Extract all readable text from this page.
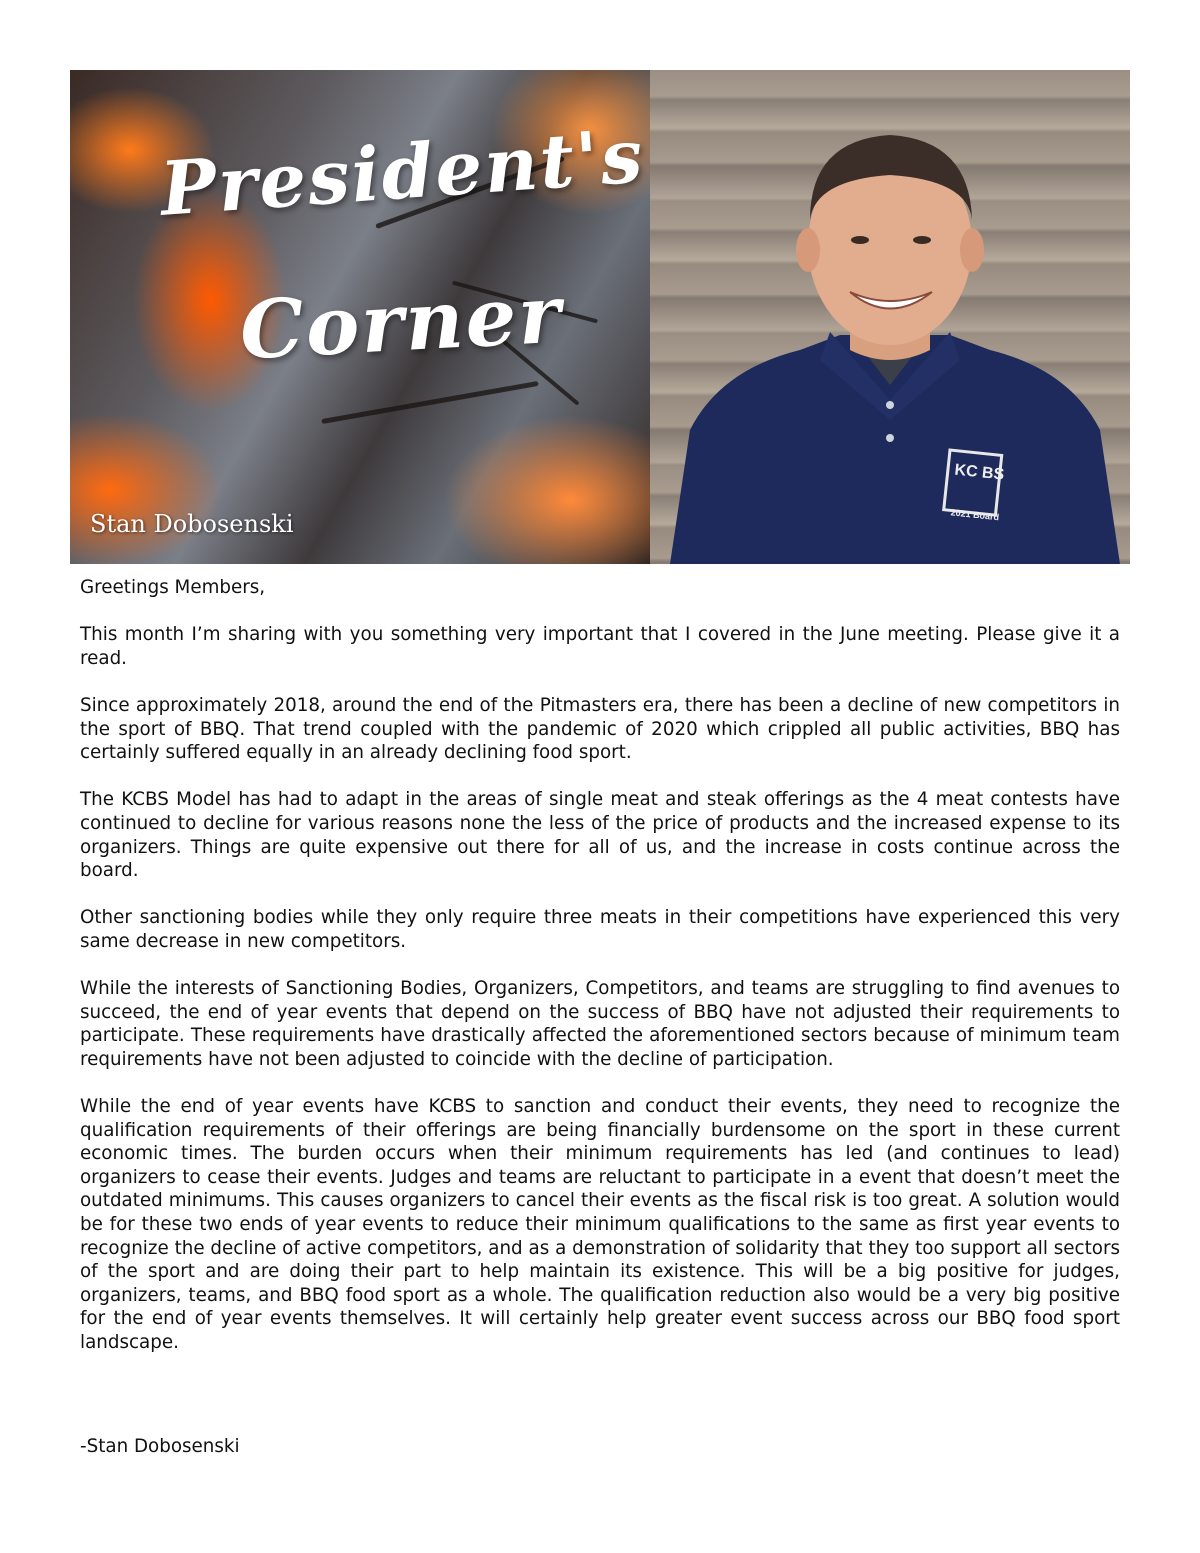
President's
Corner
Stan Dobosenski
KC BS
2021 Board

Greetings Members,

This month I’m sharing with you something very important that I covered in the June meeting. Please give it a read.

Since approximately 2018, around the end of the Pitmasters era, there has been a decline of new competitors in the sport of BBQ. That trend coupled with the pandemic of 2020 which crippled all public activities, BBQ has certainly suffered equally in an already declining food sport.

The KCBS Model has had to adapt in the areas of single meat and steak offerings as the 4 meat contests have continued to decline for various reasons none the less of the price of products and the increased expense to its organizers. Things are quite expensive out there for all of us, and the increase in costs continue across the board.

Other sanctioning bodies while they only require three meats in their competitions have experienced this very same decrease in new competitors.

While the interests of Sanctioning Bodies, Organizers, Competitors, and teams are struggling to find avenues to succeed, the end of year events that depend on the success of BBQ have not adjusted their requirements to participate. These requirements have drastically affected the aforementioned sectors because of minimum team requirements have not been adjusted to coincide with the decline of participation.

While the end of year events have KCBS to sanction and conduct their events, they need to recognize the qualification requirements of their offerings are being financially burdensome on the sport in these current economic times. The burden occurs when their minimum requirements has led (and continues to lead) organizers to cease their events. Judges and teams are reluctant to participate in a event that doesn’t meet the outdated minimums. This causes organizers to cancel their events as the fiscal risk is too great. A solution would be for these two ends of year events to reduce their minimum qualifications to the same as first year events to recognize the decline of active competitors, and as a demonstration of solidarity that they too support all sectors of the sport and are doing their part to help maintain its existence. This will be a big positive for judges, organizers, teams, and BBQ food sport as a whole. The qualification reduction also would be a very big positive for the end of year events themselves. It will certainly help greater event success across our BBQ food sport landscape.

-Stan Dobosenski
